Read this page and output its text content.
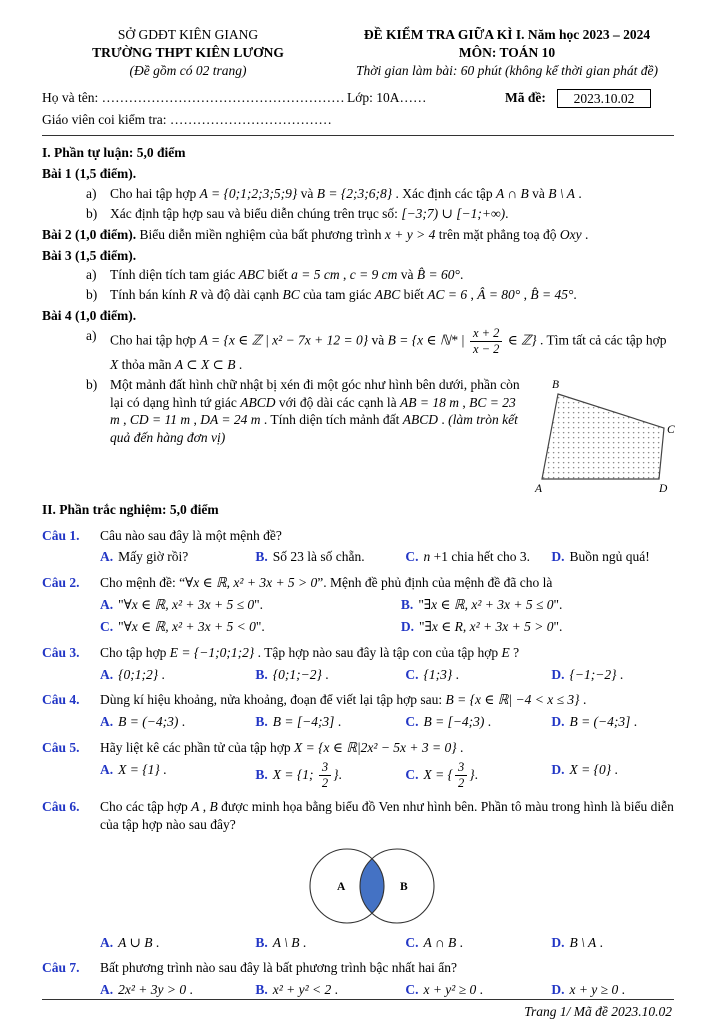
SỞ GDĐT KIÊN GIANG
TRƯỜNG THPT KIÊN LƯƠNG
(Đề gồm có 02 trang)
ĐỀ KIỂM TRA GIỮA KÌ I. Năm học 2023 – 2024
MÔN: TOÁN 10
Thời gian làm bài: 60 phút (không kể thời gian phát đề)
Họ và tên: ……………………………………………… Lớp: 10A……	Mã đề:	2023.10.02
Giáo viên coi kiểm tra: ………………………………
I. Phần tự luận: 5,0 điểm
Bài 1 (1,5 điểm).
a)	Cho hai tập hợp A = {0;1;2;3;5;9} và B = {2;3;6;8} . Xác định các tập A ∩ B và B \ A .
b) Xác định tập hợp sau và biểu diễn chúng trên trục số: [−3;7) ∪ [−1;+∞).
Bài 2 (1,0 điểm). Biểu diễn miền nghiệm của bất phương trình x + y > 4 trên mặt phẳng toạ độ Oxy .
Bài 3 (1,5 điểm).
a)	Tính diện tích tam giác ABC biết a = 5 cm , c = 9 cm và B̂ = 60°.
b) Tính bán kính R và độ dài cạnh BC của tam giác ABC biết AC = 6 , Â = 80° , B̂ = 45°.
Bài 4 (1,0 điểm).
a)	Cho hai tập hợp A = {x ∈ ℤ | x² − 7x + 12 = 0} và B = {x ∈ ℕ* | $\frac{x + 2}{x - 2}$ ∈ ℤ} . Tìm tất cả các tập hợp X thỏa mãn A ⊂ X ⊂ B .
b)	B
C
D
A
Một mảnh đất hình chữ nhật bị xén đi một góc như hình bên dưới, phần còn lại có dạng hình tứ giác ABCD với độ dài các cạnh là AB = 18 m , BC = 23 m , CD = 11 m , DA = 24 m . Tính diện tích mảnh đất ABCD . (làm tròn kết quả đến hàng đơn vị)
II. Phần trắc nghiệm: 5,0 điểm
Câu 1.	Câu nào sau đây là một mệnh đề?
A. Mấy giờ rồi?	B. Số 23 là số chẵn.	C. n +1 chia hết cho 3.	D. Buồn ngủ quá!
Câu 2.	Cho mệnh đề: “∀x ∈ ℝ, x² + 3x + 5 > 0”. Mệnh đề phủ định của mệnh đề đã cho là
A. "∀x ∈ ℝ, x² + 3x + 5 ≤ 0".	B. "∃x ∈ ℝ, x² + 3x + 5 ≤ 0".
C. "∀x ∈ ℝ, x² + 3x + 5 < 0".	D. "∃x ∈ R, x² + 3x + 5 > 0".
Câu 3.	Cho tập hợp E = {−1;0;1;2} . Tập hợp nào sau đây là tập con của tập hợp E ?
A. {0;1;2} .	B. {0;1;−2} .	C. {1;3} .	D. {−1;−2} .
Câu 4.	Dùng kí hiệu khoảng, nửa khoảng, đoạn để viết lại tập hợp sau: B = {x ∈ ℝ| −4 < x ≤ 3} .
A. B = (−4;3) .	B. B = [−4;3] .	C. B = [−4;3) .	D. B = (−4;3] .
Câu 5.	Hãy liệt kê các phần tử của tập hợp X = {x ∈ ℝ|2x² − 5x + 3 = 0} .
A. X = {1} .	B. X = {1; $\frac{3}{2}$ }.	C. X = { $\frac{3}{2}$ }.	D. X = {0} .
Câu 6.	Cho các tập hợp A , B được minh họa bằng biểu đồ Ven như hình bên. Phần tô màu trong hình là biểu diễn của tập hợp nào sau đây?
A	B
A. A ∪ B .	B. A \ B .	C. A ∩ B .	D. B \ A .
Câu 7.	Bất phương trình nào sau đây là bất phương trình bậc nhất hai ẩn?
A. 2x² + 3y > 0 .	B. x² + y² < 2 .	C. x + y² ≥ 0 .	D. x + y ≥ 0 .
Trang 1/ Mã đề 2023.10.02
